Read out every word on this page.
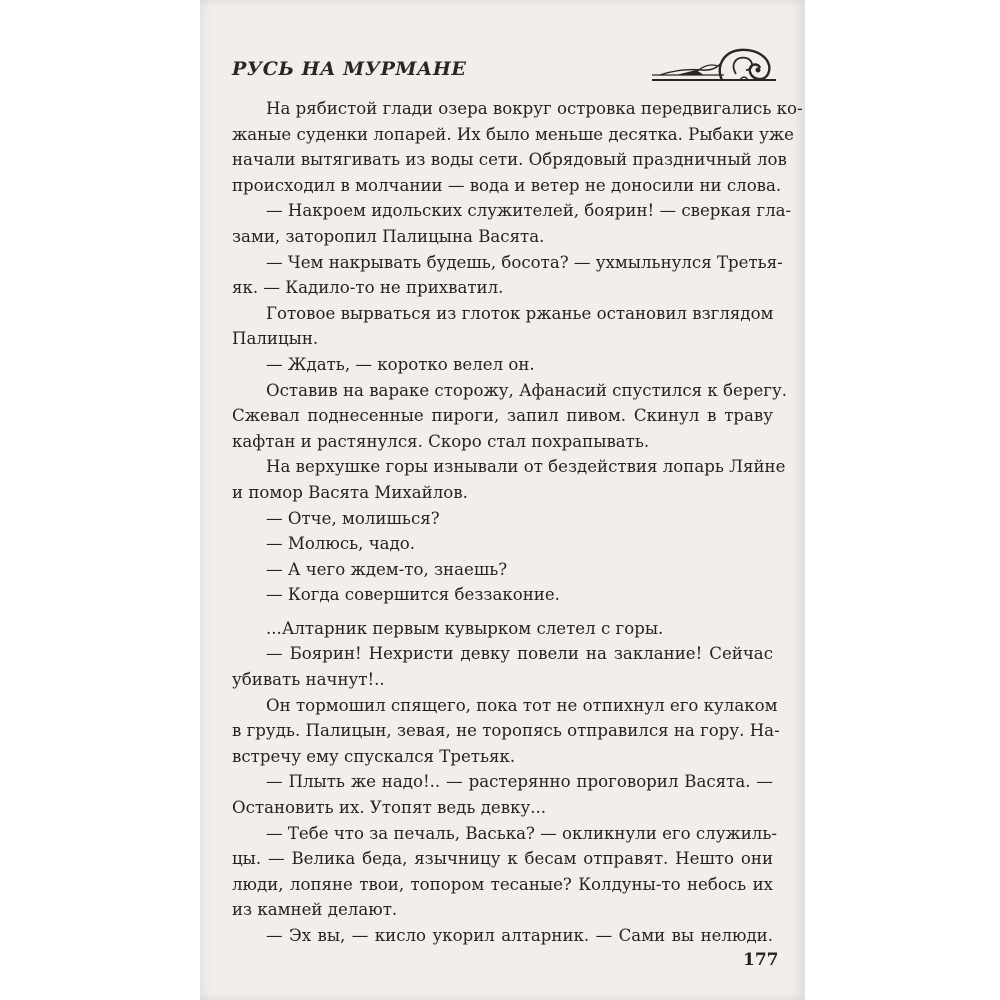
РУСЬ НА МУРМАНЕ
На рябистой глади озера вокруг островка передвигались ко-
жаные суденки лопарей. Их было меньше десятка. Рыбаки уже
начали вытягивать из воды сети. Обрядовый праздничный лов
происходил в молчании — вода и ветер не доносили ни слова.
— Накроем идольских служителей, боярин! — сверкая гла-
зами, заторопил Палицына Васята.
— Чем накрывать будешь, босота? — ухмыльнулся Третья-
як. — Кадило-то не прихватил.
Готовое вырваться из глоток ржанье остановил взглядом
Палицын.
— Ждать, — коротко велел он.
Оставив на вараке сторожу, Афанасий спустился к берегу.
Сжевал поднесенные пироги, запил пивом. Скинул в траву
кафтан и растянулся. Скоро стал похрапывать.
На верхушке горы изнывали от бездействия лопарь Ляйне
и помор Васята Михайлов.
— Отче, молишься?
— Молюсь, чадо.
— А чего ждем-то, знаешь?
— Когда совершится беззаконие.
...Алтарник первым кувырком слетел с горы.
— Боярин! Нехристи девку повели на заклание! Сейчас
убивать начнут!..
Он тормошил спящего, пока тот не отпихнул его кулаком
в грудь. Палицын, зевая, не торопясь отправился на гору. На-
встречу ему спускался Третьяк.
— Плыть же надо!.. — растерянно проговорил Васята. —
Остановить их. Утопят ведь девку...
— Тебе что за печаль, Васька? — окликнули его служиль-
цы. — Велика беда, язычницу к бесам отправят. Нешто они
люди, лопяне твои, топором тесаные? Колдуны-то небось их
из камней делают.
— Эх вы, — кисло укорил алтарник. — Сами вы нелюди.
177
